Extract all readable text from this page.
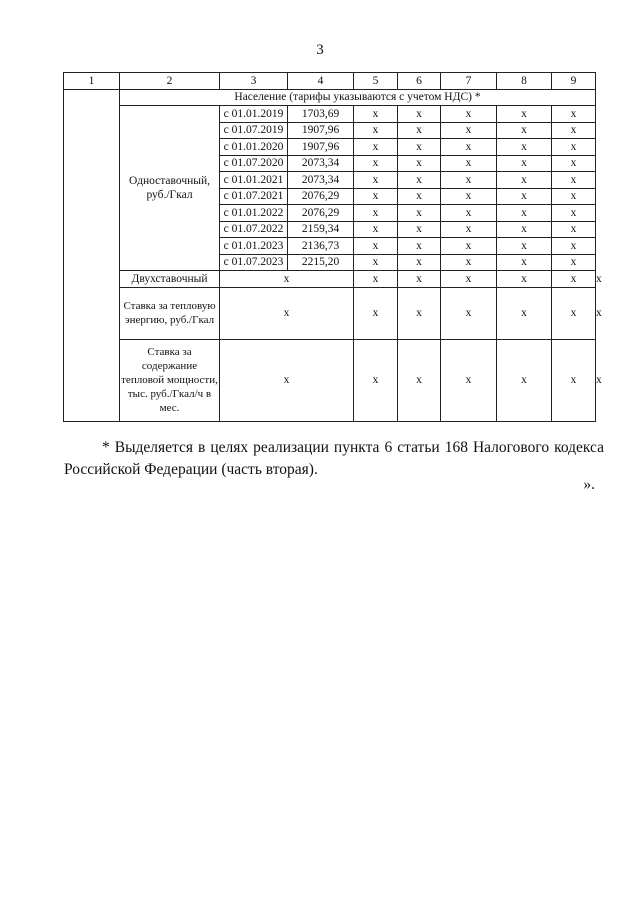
3
1	2	3	4	5	6	7	8	9	
	Население (тарифы указываются с учетом НДС) *								
	Одноставочный, руб./Гкал	с 01.01.2019	1703,69	x	x	x	x	x	
		с 01.07.2019	1907,96	x	x	x	x	x	
		с 01.01.2020	1907,96	x	x	x	x	x	
		с 01.07.2020	2073,34	x	x	x	x	x	
		с 01.01.2021	2073,34	x	x	x	x	x	
		с 01.07.2021	2076,29	x	x	x	x	x	
		с 01.01.2022	2076,29	x	x	x	x	x	
		с 01.07.2022	2159,34	x	x	x	x	x	
		с 01.01.2023	2136,73	x	x	x	x	x	
		с 01.07.2023	2215,20	x	x	x	x	x	
	Двухставочный	x		x	x	x	x	x	x
	Ставка за тепловую энергию, руб./Гкал	x		x	x	x	x	x	x
	Ставка за содержание тепловой мощности, тыс. руб./Гкал/ч в мес.	x		x	x	x	x	x	x
* Выделяется в целях реализации пункта 6 статьи 168 Налогового кодекса Российской Федерации (часть вторая).
».
